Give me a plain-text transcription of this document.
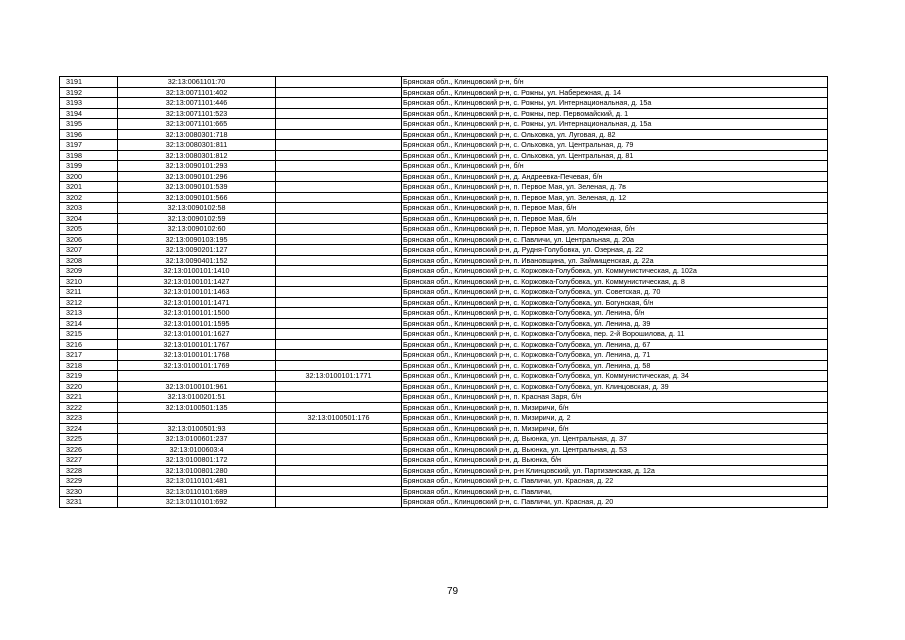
3191	32:13:0061101:70		Брянская обл., Клинцовский р-н, б/н
3192	32:13:0071101:402		Брянская обл., Клинцовский р-н, с. Рожны, ул. Набережная, д. 14
3193	32:13:0071101:446		Брянская обл., Клинцовский р-н, с. Рожны, ул. Интернациональная, д. 15а
3194	32:13:0071101:523		Брянская обл., Клинцовский р-н, с. Рожны, пер. Первомайский, д. 1
3195	32:13:0071101:665		Брянская обл., Клинцовский р-н, с. Рожны, ул. Интернациональная, д. 15а
3196	32:13:0080301:718		Брянская обл., Клинцовский р-н, с. Ольховка, ул. Луговая, д. 82
3197	32:13:0080301:811		Брянская обл., Клинцовский р-н, с. Ольховка, ул. Центральная, д. 79
3198	32:13:0080301:812		Брянская обл., Клинцовский р-н, с. Ольховка, ул. Центральная, д. 81
3199	32:13:0090101:293		Брянская обл., Клинцовский р-н, б/н
3200	32:13:0090101:296		Брянская обл., Клинцовский р-н, д. Андреевка-Печевая, б/н
3201	32:13:0090101:539		Брянская обл., Клинцовский р-н, п. Первое Мая, ул. Зеленая, д. 7в
3202	32:13:0090101:566		Брянская обл., Клинцовский р-н, п. Первое Мая, ул. Зеленая, д. 12
3203	32:13:0090102:58		Брянская обл., Клинцовский р-н, п. Первое Мая, б/н
3204	32:13:0090102:59		Брянская обл., Клинцовский р-н, п. Первое Мая, б/н
3205	32:13:0090102:60		Брянская обл., Клинцовский р-н, п. Первое Мая, ул. Молодежная, б/н
3206	32:13:0090103:195		Брянская обл., Клинцовский р-н, с. Павличи, ул. Центральная, д. 20а
3207	32:13:0090201:127		Брянская обл., Клинцовский р-н, д. Рудня-Голубовка, ул. Озерная, д. 22
3208	32:13:0090401:152		Брянская обл., Клинцовский р-н, п. Ивановщина, ул. Займищенская, д. 22а
3209	32:13:0100101:1410		Брянская обл., Клинцовский р-н, с. Коржовка-Голубовка, ул. Коммунистическая, д. 102а
3210	32:13:0100101:1427		Брянская обл., Клинцовский р-н, с. Коржовка-Голубовка, ул. Коммунистическая, д. 8
3211	32:13:0100101:1463		Брянская обл., Клинцовский р-н, с. Коржовка-Голубовка, ул. Советская, д. 70
3212	32:13:0100101:1471		Брянская обл., Клинцовский р-н, с. Коржовка-Голубовка, ул. Богунская, б/н
3213	32:13:0100101:1500		Брянская обл., Клинцовский р-н, с. Коржовка-Голубовка, ул. Ленина, б/н
3214	32:13:0100101:1595		Брянская обл., Клинцовский р-н, с. Коржовка-Голубовка, ул. Ленина, д. 39
3215	32:13:0100101:1627		Брянская обл., Клинцовский р-н, с. Коржовка-Голубовка, пер. 2-й Ворошилова, д. 11
3216	32:13:0100101:1767		Брянская обл., Клинцовский р-н, с. Коржовка-Голубовка, ул. Ленина, д. 67
3217	32:13:0100101:1768		Брянская обл., Клинцовский р-н, с. Коржовка-Голубовка, ул. Ленина, д. 71
3218	32:13:0100101:1769		Брянская обл., Клинцовский р-н, с. Коржовка-Голубовка, ул. Ленина, д. 58
3219		32:13:0100101:1771	Брянская обл., Клинцовский р-н, с. Коржовка-Голубовка, ул. Коммунистическая, д. 34
3220	32:13:0100101:961		Брянская обл., Клинцовский р-н, с. Коржовка-Голубовка, ул. Клинцовская, д. 39
3221	32:13:0100201:51		Брянская обл., Клинцовский р-н, п. Красная Заря, б/н
3222	32:13:0100501:135		Брянская обл., Клинцовский р-н, п. Мизиричи, б/н
3223		32:13:0100501:176	Брянская обл., Клинцовский р-н, п. Мизиричи, д. 2
3224	32:13:0100501:93		Брянская обл., Клинцовский р-н, п. Мизиричи, б/н
3225	32:13:0100601:237		Брянская обл., Клинцовский р-н, д. Вьюнка, ул. Центральная, д. 37
3226	32:13:0100603:4		Брянская обл., Клинцовский р-н, д. Вьюнка, ул. Центральная, д. 53
3227	32:13:0100801:172		Брянская обл., Клинцовский р-н, д. Вьюнка, б/н
3228	32:13:0100801:280		Брянская обл., Клинцовский р-н, р-н Клинцовский, ул. Партизанская, д. 12а
3229	32:13:0110101:481		Брянская обл., Клинцовский р-н, с. Павличи, ул. Красная, д. 22
3230	32:13:0110101:689		Брянская обл., Клинцовский р-н, с. Павличи,
3231	32:13:0110101:692		Брянская обл., Клинцовский р-н, с. Павличи, ул. Красная, д. 20
79
